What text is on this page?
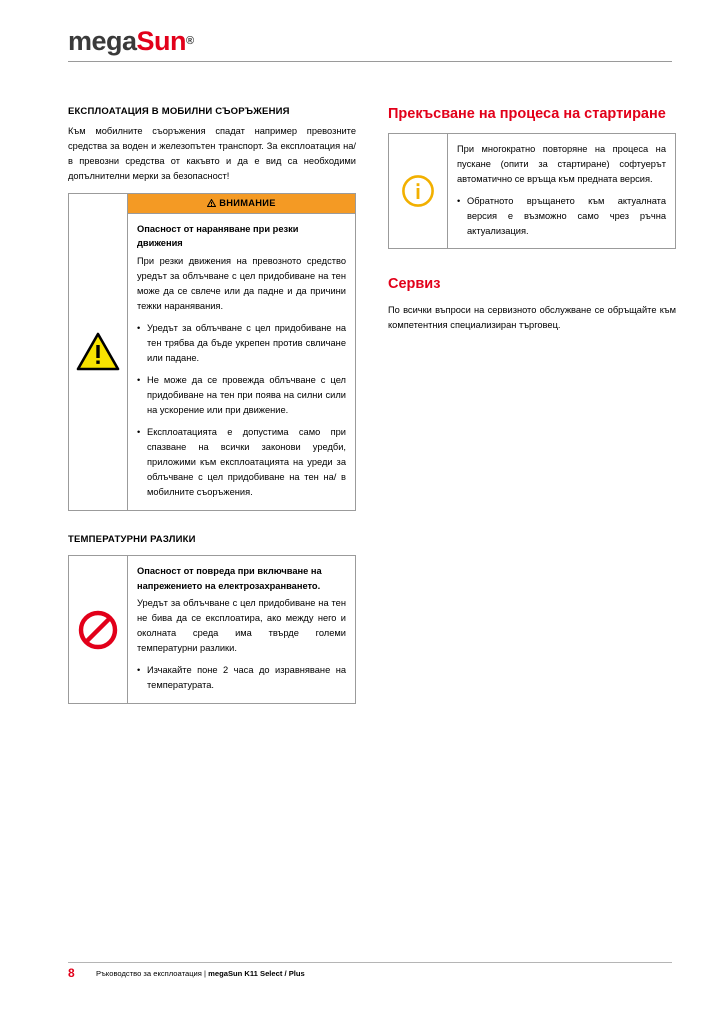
megaSun®
ЕКСПЛОАТАЦИЯ В МОБИЛНИ СЪОРЪЖЕНИЯ

Към мобилните съоръжения спадат например превозните средства за воден и железопътен транспорт. За експлоатация на/ в превозни средства от какъвто и да е вид са необходими допълнителни мерки за безопасност!

ВНИМАНИЕ

Опасност от нараняване при резки движения

При резки движения на превозното средство уредът за облъчване с цел придобиване на тен може да се свлече или да падне и да причини тежки наранявания.

• Уредът за облъчване с цел придобиване на тен трябва да бъде укрепен против свличане или падане.
• Не може да се провежда облъчване с цел придобиване на тен при поява на силни сили на ускорение или при движение.
• Експлоатацията е допустима само при спазване на всички законови уредби, приложими към експлоатацията на уреди за облъчване с цел придобиване на тен на/ в мобилните съоръжения.
ТЕМПЕРАТУРНИ РАЗЛИКИ

Опасност от повреда при включване на напрежението на електрозахранването.

Уредът за облъчване с цел придобиване на тен не бива да се експлоатира, ако между него и околната среда има твърде големи температурни разлики.

• Изчакайте поне 2 часа до изравняване на температурата.
Прекъсване на процеса на стартиране

При многократно повторяне на процеса на пускане (опити за стартиране) софтуерът автоматично се връща към предната версия.

• Обратното връщането към актуалната версия е възможно само чрез ръчна актуализация.
Сервиз

По всички въпроси на сервизното обслужване се обръщайте към компетентния специализиран търговец.

8	Ръководство за експлоатация | megaSun K11 Select / Plus
